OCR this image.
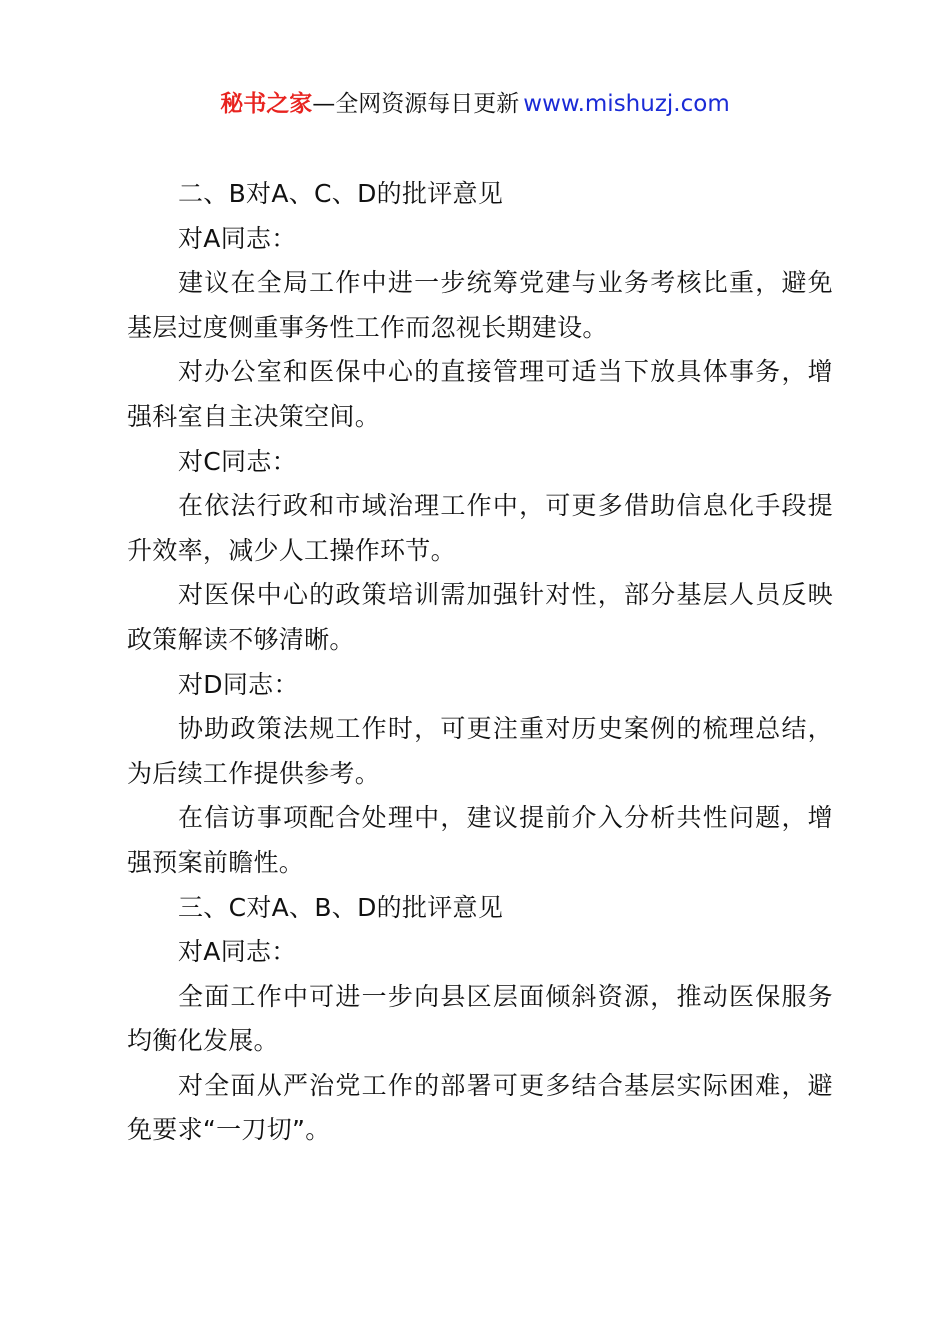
秘书之家—全网资源每日更新 www.mishuzj.com

二、B对A、C、D的批评意见

对A同志：

建议在全局工作中进一步统筹党建与业务考核比重，避免基层过度侧重事务性工作而忽视长期建设。

对办公室和医保中心的直接管理可适当下放具体事务，增强科室自主决策空间。

对C同志：

在依法行政和市域治理工作中，可更多借助信息化手段提升效率，减少人工操作环节。

对医保中心的政策培训需加强针对性，部分基层人员反映政策解读不够清晰。

对D同志：

协助政策法规工作时，可更注重对历史案例的梳理总结，为后续工作提供参考。

在信访事项配合处理中，建议提前介入分析共性问题，增强预案前瞻性。

三、C对A、B、D的批评意见

对A同志：

全面工作中可进一步向县区层面倾斜资源，推动医保服务均衡化发展。

对全面从严治党工作的部署可更多结合基层实际困难，避免要求“一刀切”。
